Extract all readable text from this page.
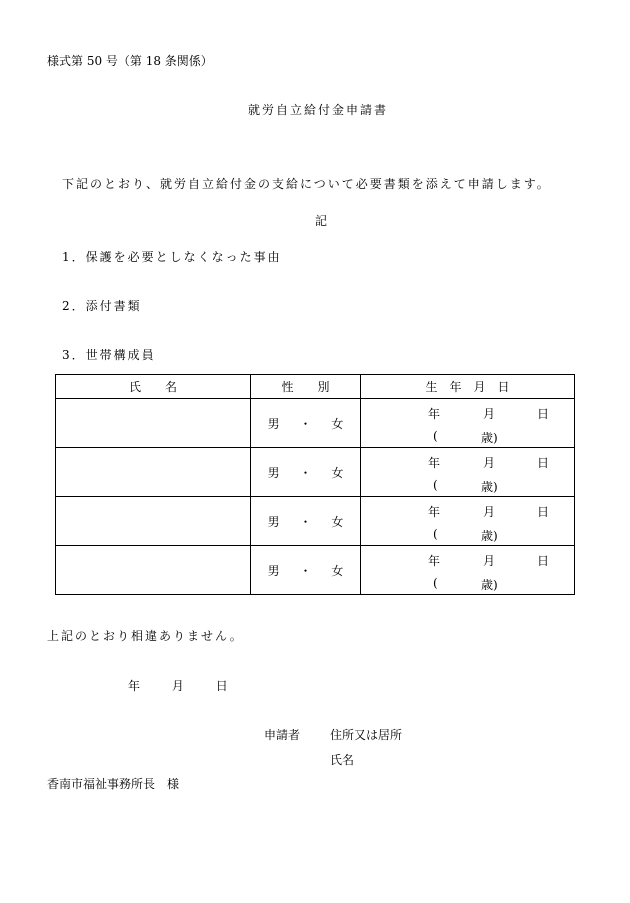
様式第 50 号（第 18 条関係）
就労自立給付金申請書
下記のとおり、就労自立給付金の支給について必要書類を添えて申請します。
記
1．保護を必要としなくなった事由
2．添付書類
3．世帯構成員
氏　　名	性　　別	生　年　月　日
	男 ・ 女	年 月 日
( 歳)

	男 ・ 女	年 月 日
( 歳)

	男 ・ 女	年 月 日
( 歳)

	男 ・ 女	年 月 日
( 歳)
上記のとおり相違ありません。
年	月	日
申請者 住所又は居所
氏名
香南市福祉事務所長　様
